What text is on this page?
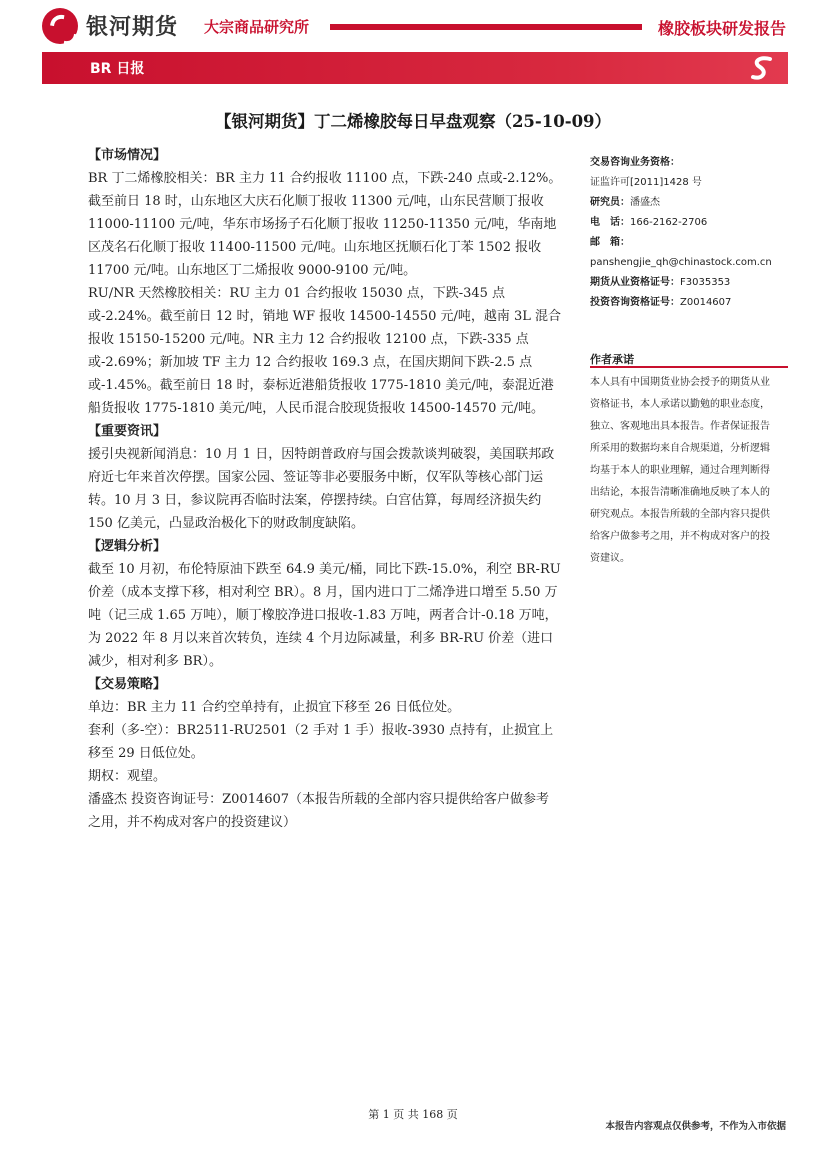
银河期货 大宗商品研究所	橡胶板块研发报告
BR 日报
【银河期货】丁二烯橡胶每日早盘观察（25-10-09）

【市场情况】

BR 丁二烯橡胶相关：BR 主力 11 合约报收 11100 点，下跌-240 点或-2.12%。截至前日 18 时，山东地区大庆石化顺丁报收 11300 元/吨，山东民营顺丁报收 11000-11100 元/吨，华东市场扬子石化顺丁报收 11250-11350 元/吨，华南地区茂名石化顺丁报收 11400-11500 元/吨。山东地区抚顺石化丁苯 1502 报收 11700 元/吨。山东地区丁二烯报收 9000-9100 元/吨。

RU/NR 天然橡胶相关：RU 主力 01 合约报收 15030 点，下跌-345 点或-2.24%。截至前日 12 时，销地 WF 报收 14500-14550 元/吨，越南 3L 混合报收 15150-15200 元/吨。NR 主力 12 合约报收 12100 点，下跌-335 点或-2.69%；新加坡 TF 主力 12 合约报收 169.3 点，在国庆期间下跌-2.5 点或-1.45%。截至前日 18 时，泰标近港船货报收 1775-1810 美元/吨，泰混近港船货报收 1775-1810 美元/吨，人民币混合胶现货报收 14500-14570 元/吨。

【重要资讯】

援引央视新闻消息：10 月 1 日，因特朗普政府与国会拨款谈判破裂，美国联邦政府近七年来首次停摆。国家公园、签证等非必要服务中断，仅军队等核心部门运转。10 月 3 日，参议院再否临时法案，停摆持续。白宫估算，每周经济损失约 150 亿美元，凸显政治极化下的财政制度缺陷。

【逻辑分析】

截至 10 月初，布伦特原油下跌至 64.9 美元/桶，同比下跌-15.0%，利空 BR-RU 价差（成本支撑下移，相对利空 BR）。8 月，国内进口丁二烯净进口增至 5.50 万吨（记三成 1.65 万吨），顺丁橡胶净进口报收-1.83 万吨，两者合计-0.18 万吨，为 2022 年 8 月以来首次转负，连续 4 个月边际减量，利多 BR-RU 价差（进口减少，相对利多 BR）。

【交易策略】

单边：BR 主力 11 合约空单持有，止损宜下移至 26 日低位处。

套利（多-空）：BR2511-RU2501（2 手对 1 手）报收-3930 点持有，止损宜上移至 29 日低位处。

期权：观望。

潘盛杰 投资咨询证号：Z0014607（本报告所载的全部内容只提供给客户做参考之用，并不构成对客户的投资建议）

交易咨询业务资格：
证监许可[2011]1428 号
研究员：潘盛杰
电　话：166-2162-2706
邮　箱：
panshengjie_qh@chinastock.com.cn
期货从业资格证号：F3035353
投资咨询资格证号：Z0014607
作者承诺
本人具有中国期货业协会授予的期货从业资格证书，本人承诺以勤勉的职业态度，独立、客观地出具本报告。作者保证报告所采用的数据均来自合规渠道，分析逻辑均基于本人的职业理解，通过合理判断得出结论，本报告清晰准确地反映了本人的研究观点。本报告所载的全部内容只提供给客户做参考之用，并不构成对客户的投资建议。
第 1 页 共 168 页
本报告内容观点仅供参考，不作为入市依据
